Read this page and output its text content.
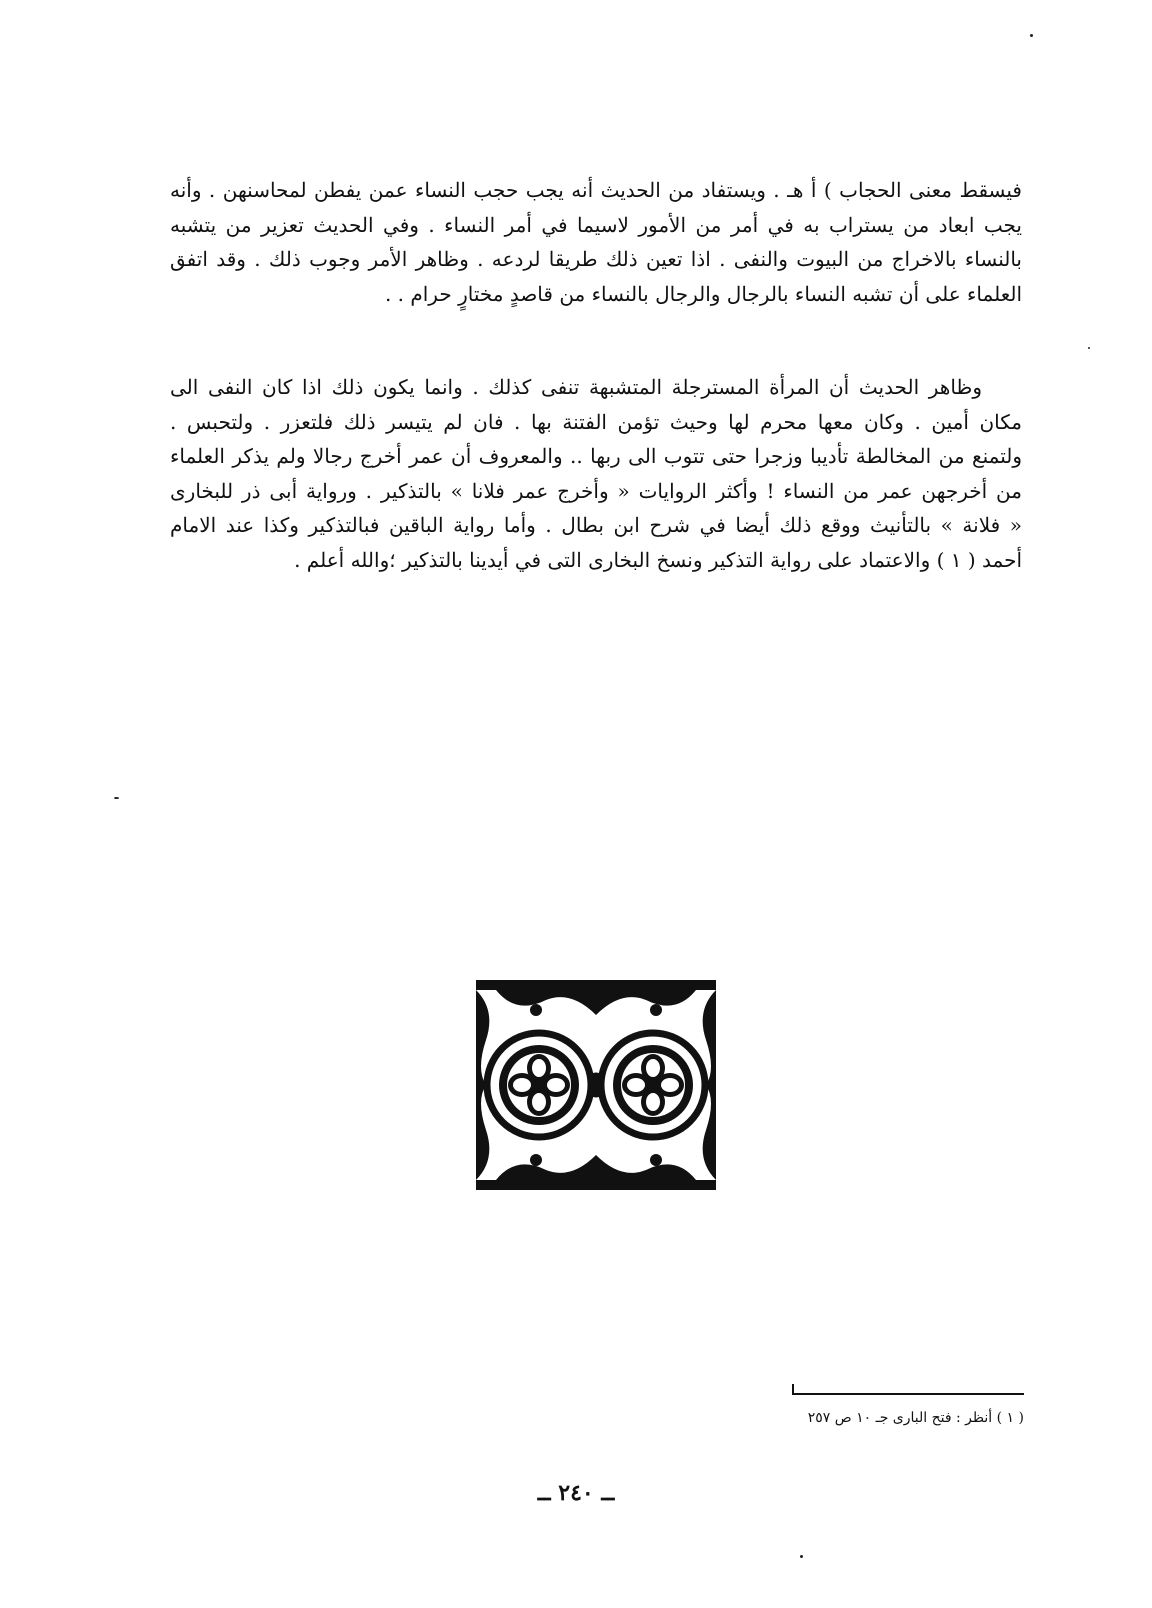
فيسقط معنى الحجاب ) أ هـ . ويستفاد من الحديث أنه يجب حجب النساء عمن يفطن لمحاسنهن . وأنه
يجب ابعاد من يستراب به في أمر من الأمور لاسيما في أمر النساء . وفي الحديث تعزير من يتشبه
بالنساء بالاخراج من البيوت والنفى . اذا تعين ذلك طريقا لردعه . وظاهر الأمر وجوب ذلك . وقد اتفق
العلماء على أن تشبه النساء بالرجال والرجال بالنساء من قاصدٍ مختارٍ حرام . .
وظاهر الحديث أن المرأة المسترجلة المتشبهة تنفى كذلك . وانما يكون ذلك اذا كان النفى الى
مكان أمين . وكان معها محرم لها وحيث تؤمن الفتنة بها . فان لم يتيسر ذلك فلتعزر . ولتحبس .
ولتمنع من المخالطة تأديبا وزجرا حتى تتوب الى ربها .. والمعروف أن عمر أخرج رجالا ولم يذكر العلماء
من أخرجهن عمر من النساء ! وأكثر الروايات « وأخرج عمر فلانا » بالتذكير . ورواية أبى ذر للبخارى
« فلانة » بالتأنيث ووقع ذلك أيضا في شرح ابن بطال . وأما رواية الباقين فبالتذكير وكذا عند الامام
أحمد ( ١ ) والاعتماد على رواية التذكير ونسخ البخارى التى في أيدينا بالتذكير ؛والله أعلم .
( ١ ) أنظر : فتح البارى جـ ١٠ ص ٢٥٧
ــ ٢٤٠ ــ
